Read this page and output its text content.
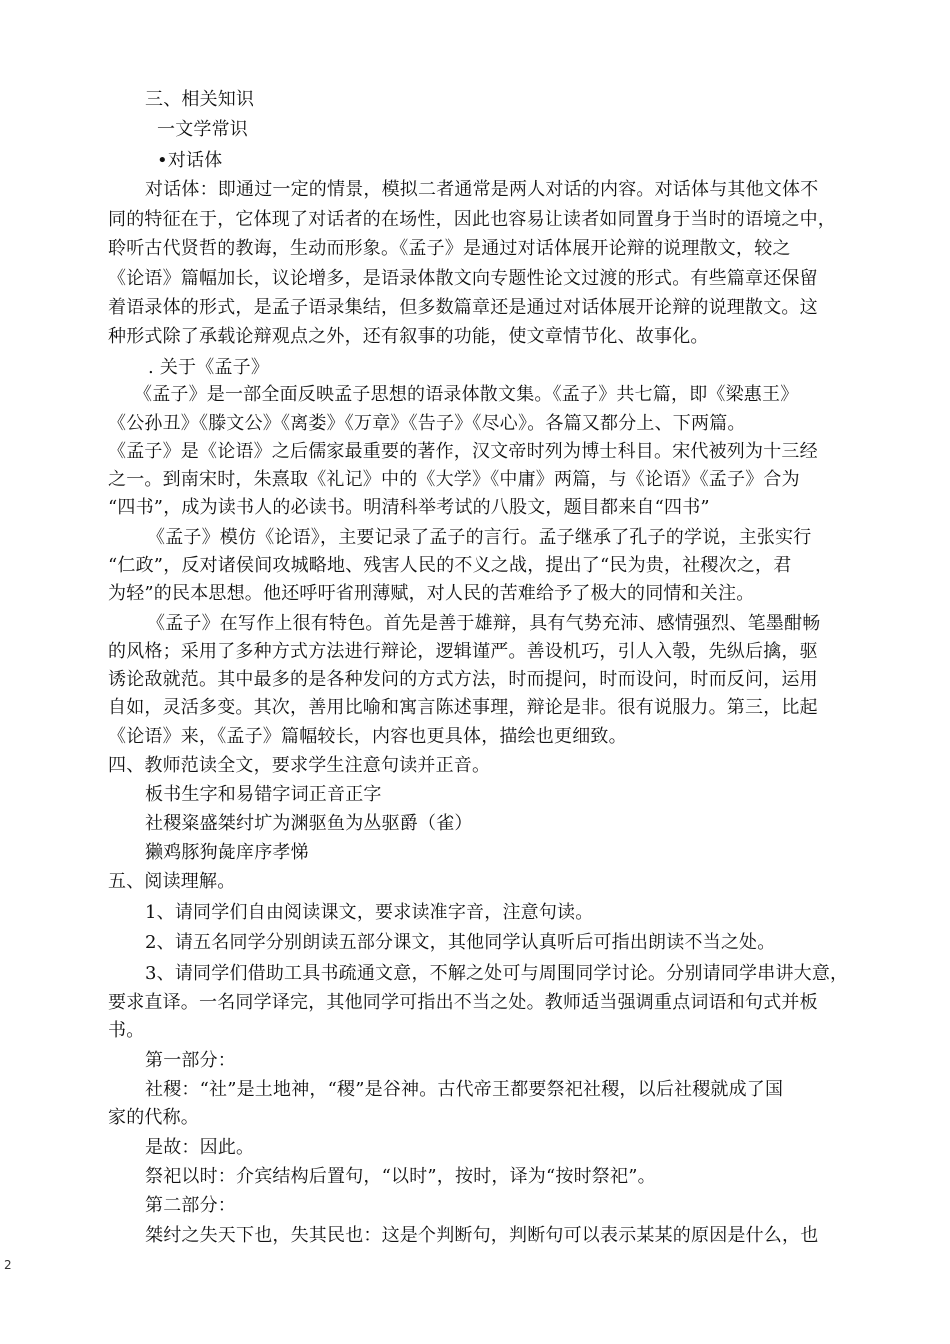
三、相关知识
一文学常识
•对话体
对话体：即通过一定的情景，模拟二者通常是两人对话的内容。对话体与其他文体不
同的特征在于，它体现了对话者的在场性，因此也容易让读者如同置身于当时的语境之中，
聆听古代贤哲的教诲，生动而形象。《孟子》是通过对话体展开论辩的说理散文，较之
《论语》篇幅加长，议论增多，是语录体散文向专题性论文过渡的形式。有些篇章还保留
着语录体的形式，是孟子语录集结，但多数篇章还是通过对话体展开论辩的说理散文。这
种形式除了承载论辩观点之外，还有叙事的功能，使文章情节化、故事化。
. 关于《孟子》
《孟子》是一部全面反映孟子思想的语录体散文集。《孟子》共七篇，即《梁惠王》
《公孙丑》《滕文公》《离娄》《万章》《告子》《尽心》。各篇又都分上、下两篇。
《孟子》是《论语》之后儒家最重要的著作，汉文帝时列为博士科目。宋代被列为十三经
之一。到南宋时，朱熹取《礼记》中的《大学》《中庸》两篇，与《论语》《孟子》合为
“四书”，成为读书人的必读书。明清科举考试的八股文，题目都来自“四书”
《孟子》模仿《论语》，主要记录了孟子的言行。孟子继承了孔子的学说，主张实行
“仁政”，反对诸侯间攻城略地、残害人民的不义之战，提出了“民为贵，社稷次之，君
为轻”的民本思想。他还呼吁省刑薄赋，对人民的苦难给予了极大的同情和关注。
《孟子》在写作上很有特色。首先是善于雄辩，具有气势充沛、感情强烈、笔墨酣畅
的风格；采用了多种方式方法进行辩论，逻辑谨严。善设机巧，引人入彀，先纵后擒，驱
诱论敌就范。其中最多的是各种发问的方式方法，时而提问，时而设问，时而反问，运用
自如，灵活多变。其次，善用比喻和寓言陈述事理，辩论是非。很有说服力。第三，比起
《论语》来，《孟子》篇幅较长，内容也更具体，描绘也更细致。
四、教师范读全文，要求学生注意句读并正音。
板书生字和易错字词正音正字
社稷粢盛桀纣圹为渊驱鱼为丛驱爵（雀）
獭鸡豚狗彘庠序孝悌
五、阅读理解。
1、请同学们自由阅读课文，要求读准字音，注意句读。
2、请五名同学分别朗读五部分课文，其他同学认真听后可指出朗读不当之处。
3、请同学们借助工具书疏通文意，不解之处可与周围同学讨论。分别请同学串讲大意，
要求直译。一名同学译完，其他同学可指出不当之处。教师适当强调重点词语和句式并板
书。
第一部分：
社稷：“社”是土地神，“稷”是谷神。古代帝王都要祭祀社稷，以后社稷就成了国
家的代称。
是故：因此。
祭祀以时：介宾结构后置句，“以时”，按时，译为“按时祭祀”。
第二部分：
桀纣之失天下也，失其民也：这是个判断句，判断句可以表示某某的原因是什么，也
2
